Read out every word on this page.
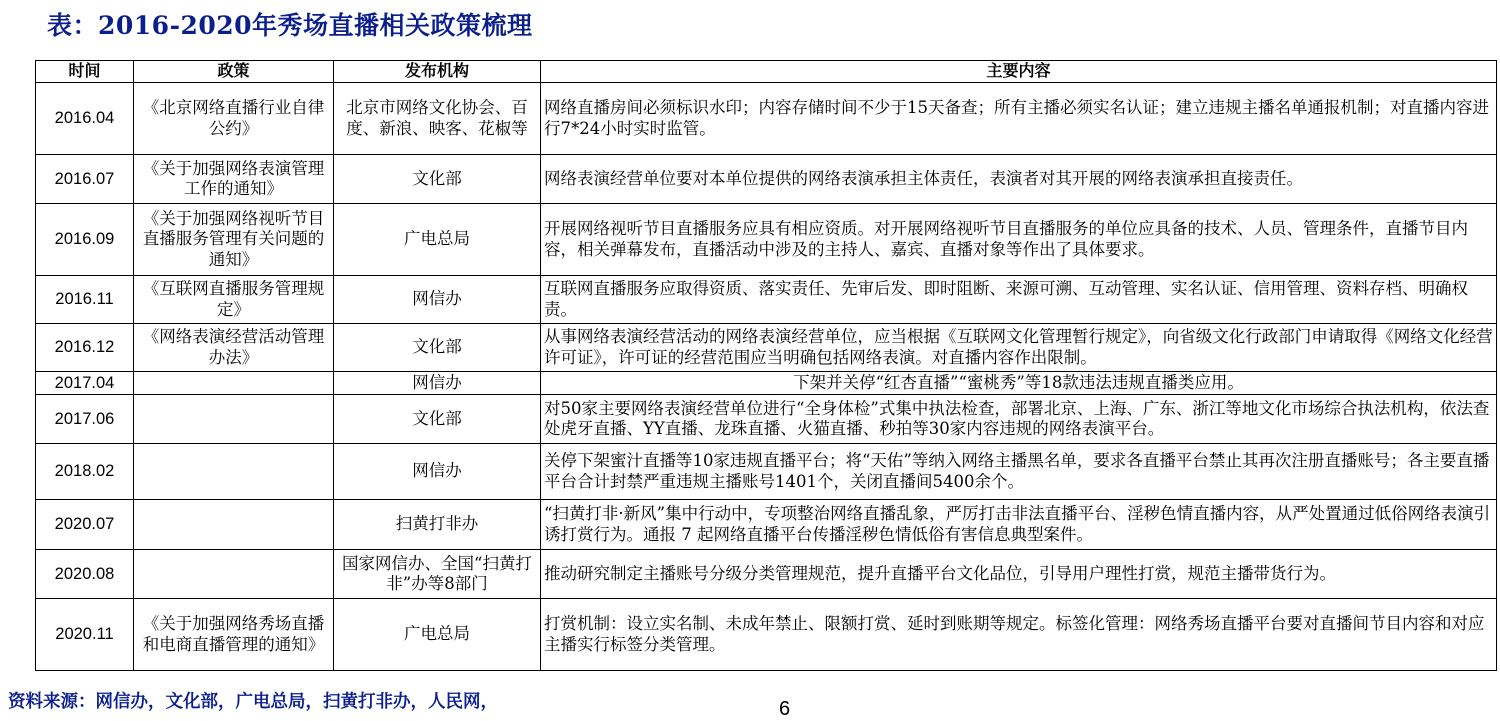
表：2016-2020年秀场直播相关政策梳理
时间	政策	发布机构	主要内容
2016.04	《北京网络直播行业自律公约》	北京市网络文化协会、百度、新浪、映客、花椒等	网络直播房间必须标识水印；内容存储时间不少于15天备查；所有主播必须实名认证；建立违规主播名单通报机制；对直播内容进行7*24小时实时监管。
2016.07	《关于加强网络表演管理工作的通知》	文化部	网络表演经营单位要对本单位提供的网络表演承担主体责任，表演者对其开展的网络表演承担直接责任。
2016.09	《关于加强网络视听节目直播服务管理有关问题的通知》	广电总局	开展网络视听节目直播服务应具有相应资质。对开展网络视听节目直播服务的单位应具备的技术、人员、管理条件，直播节目内容，相关弹幕发布，直播活动中涉及的主持人、嘉宾、直播对象等作出了具体要求。
2016.11	《互联网直播服务管理规定》	网信办	互联网直播服务应取得资质、落实责任、先审后发、即时阻断、来源可溯、互动管理、实名认证、信用管理、资料存档、明确权责。
2016.12	《网络表演经营活动管理办法》	文化部	从事网络表演经营活动的网络表演经营单位，应当根据《互联网文化管理暂行规定》，向省级文化行政部门申请取得《网络文化经营许可证》，许可证的经营范围应当明确包括网络表演。对直播内容作出限制。
2017.04		网信办	下架并关停“红杏直播”“蜜桃秀”等18款违法违规直播类应用。
2017.06		文化部	对50家主要网络表演经营单位进行“全身体检”式集中执法检查，部署北京、上海、广东、浙江等地文化市场综合执法机构，依法查处虎牙直播、YY直播、龙珠直播、火猫直播、秒拍等30家内容违规的网络表演平台。
2018.02		网信办	关停下架蜜汁直播等10家违规直播平台；将“天佑”等纳入网络主播黑名单，要求各直播平台禁止其再次注册直播账号；各主要直播平台合计封禁严重违规主播账号1401个，关闭直播间5400余个。
2020.07		扫黄打非办	“扫黄打非·新风”集中行动中，专项整治网络直播乱象，严厉打击非法直播平台、淫秽色情直播内容，从严处置通过低俗网络表演引诱打赏行为。通报 7 起网络直播平台传播淫秽色情低俗有害信息典型案件。
2020.08		国家网信办、全国“扫黄打非”办等8部门	推动研究制定主播账号分级分类管理规范，提升直播平台文化品位，引导用户理性打赏，规范主播带货行为。
2020.11	《关于加强网络秀场直播和电商直播管理的通知》	广电总局	打赏机制：设立实名制、未成年禁止、限额打赏、延时到账期等规定。标签化管理：网络秀场直播平台要对直播间节目内容和对应主播实行标签分类管理。

资料来源：网信办，文化部，广电总局，扫黄打非办，人民网，	6
